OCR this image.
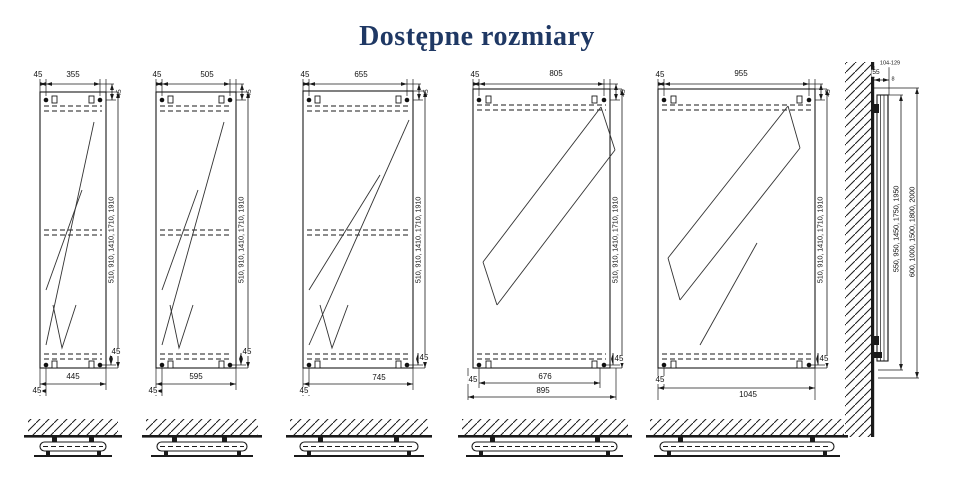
Dostępne rozmiary
45	355
45
510, 910, 1410, 1710, 1910
45
445
45
45	505
45
510, 910, 1410, 1710, 1910
45
595
45
45	655
45
510, 910, 1410, 1710, 1910
45
745
45
45	805
45
510, 910, 1410, 1710, 1910
45
676
895
45
45	955
45
510, 910, 1410, 1710, 1910
45
1045
45
104-129
55
8
550, 950, 1450, 1750, 1950 600, 1000, 1500, 1800, 2000
